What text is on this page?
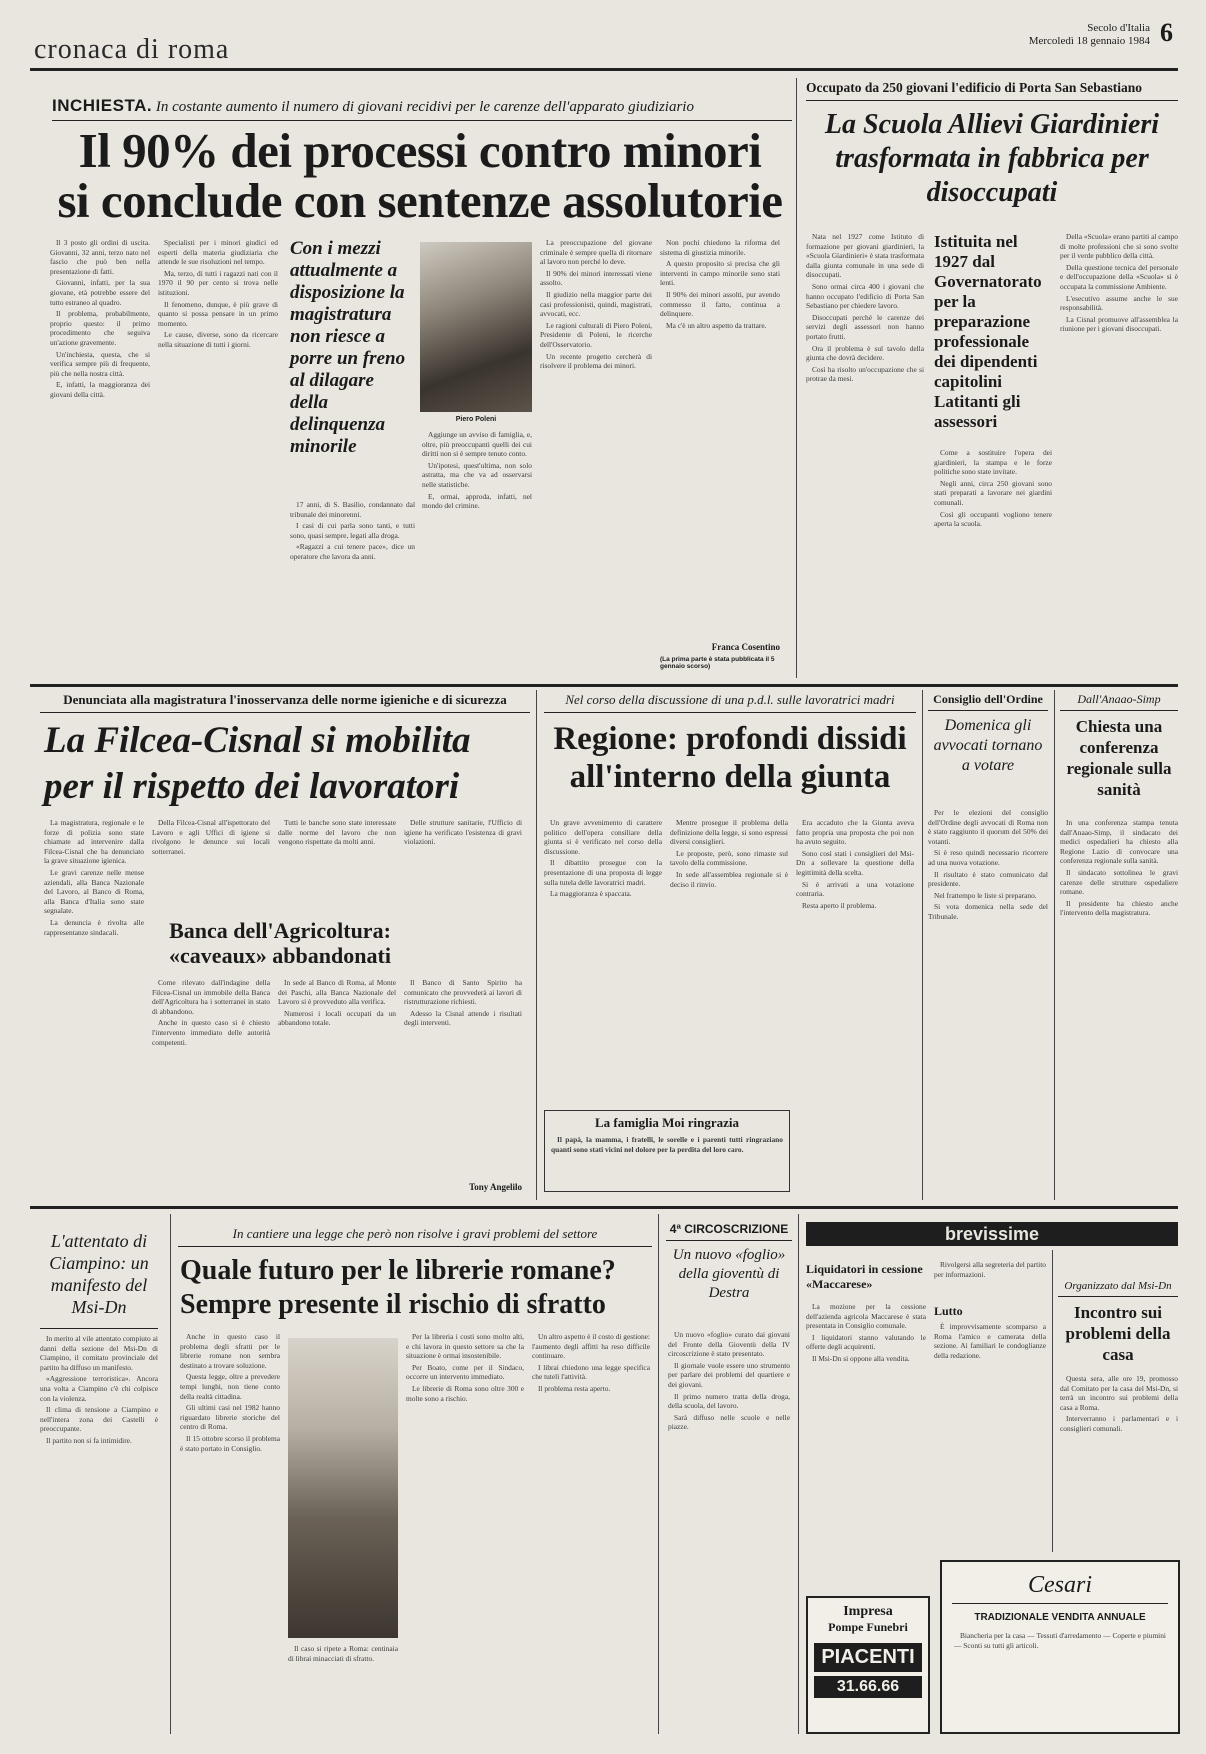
cronaca di roma
Secolo d'Italia
Mercoledì 18 gennaio 1984 6
INCHIESTA. In costante aumento il numero di giovani recidivi per le carenze dell'apparato giudiziario
Il 90% dei processi contro minori
si conclude con sentenze assolutorie

Il 3 posto gli ordini di uscita. Giovanni, 32 anni, terzo nato nel fascio che può ben nella presentazione di fatti.

Giovanni, infatti, per la sua giovane, età potrebbe essere del tutto estraneo al quadro.

Il problema, probabilmente, proprio questo: il primo procedimento che seguiva un'azione gravemente.

Un'inchiesta, questa, che si verifica sempre più di frequente, più che nella nostra città.

E, infatti, la maggioranza dei giovani della città.

Specialisti per i minori giudici ed esperti della materia giudiziaria che attende le sue risoluzioni nel tempo.

Ma, terzo, di tutti i ragazzi nati con il 1970 il 90 per cento si trova nelle istituzioni.

Il fenomeno, dunque, è più grave di quanto si possa pensare in un primo momento.

Le cause, diverse, sono da ricercare nella situazione di tutti i giorni.

Con i mezzi attualmente a disposizione la magistratura non riesce a porre un freno al dilagare della delinquenza minorile

17 anni, di S. Basilio, condannato dal tribunale dei minorenni.

I casi di cui parla sono tanti, e tutti sono, quasi sempre, legati alla droga.

«Ragazzi a cui tenere pace», dice un operatore che lavora da anni.

Piero Poleni

Aggiunge un avviso di famiglia, e, oltre, più preoccupanti quelli dei cui diritti non si è sempre tenuto conto.

Un'ipotesi, quest'ultima, non solo astratta, ma che va ad osservarsi nelle statistiche.

E, ormai, approda, infatti, nel mondo del crimine.

La preoccupazione del giovane criminale è sempre quella di ritornare al lavoro non perché lo deve.

Il 90% dei minori interessati viene assolto.

Il giudizio nella maggior parte dei casi professionisti, quindi, magistrati, avvocati, ecc.

Le ragioni culturali di Piero Poleni, Presidente di Poleni, le ricerche dell'Osservatorio.

Un recente progetto cercherà di risolvere il problema dei minori.

Non pochi chiedono la riforma del sistema di giustizia minorile.

A questo proposito si precisa che gli interventi in campo minorile sono stati lenti.

Il 90% dei minori assolti, pur avendo commesso il fatto, continua a delinquere.

Ma c'è un altro aspetto da trattare.

Franca Cosentino
(La prima parte è stata pubblicata il 5 gennaio scorso)
Occupato da 250 giovani l'edificio di Porta San Sebastiano
La Scuola Allievi Giardinieri trasformata in fabbrica per disoccupati

Nata nel 1927 come Istituto di formazione per giovani giardinieri, la «Scuola Giardinieri» è stata trasformata dalla giunta comunale in una sede di disoccupati.

Sono ormai circa 400 i giovani che hanno occupato l'edificio di Porta San Sebastiano per chiedere lavoro.

Disoccupati perché le carenze dei servizi degli assessori non hanno portato frutti.

Ora il problema è sul tavolo della giunta che dovrà decidere.

Così ha risolto un'occupazione che si protrae da mesi.

Istituita nel 1927 dal Governatorato per la preparazione professionale dei dipendenti capitolini Latitanti gli assessori

Come a sostituire l'opera dei giardinieri, la stampa e le forze politiche sono state invitate.

Negli anni, circa 250 giovani sono stati preparati a lavorare nei giardini comunali.

Così gli occupanti vogliono tenere aperta la scuola.

Della «Scuola» erano partiti al campo di molte professioni che si sono svolte per il verde pubblico della città.

Della questione tecnica del personale e dell'occupazione della «Scuola» si è occupata la commissione Ambiente.

L'esecutivo assume anche le sue responsabilità.

La Cisnal promuove all'assemblea la riunione per i giovani disoccupati.

Denunciata alla magistratura l'inosservanza delle norme igieniche e di sicurezza
La Filcea-Cisnal si mobilita
per il rispetto dei lavoratori

La magistratura, regionale e le forze di polizia sono state chiamate ad intervenire dalla Filcea-Cisnal che ha denunciato la grave situazione igienica.

Le gravi carenze nelle mense aziendali, alla Banca Nazionale del Lavoro, al Banco di Roma, alla Banca d'Italia sono state segnalate.

La denuncia è rivolta alle rappresentanze sindacali.

Della Filcea-Cisnal all'ispettorato del Lavoro e agli Uffici di igiene si rivolgono le denunce sui locali sotterranei.

Tutti le banche sono state interessate dalle norme del lavoro che non vengono rispettate da molti anni.

Delle strutture sanitarie, l'Ufficio di igiene ha verificato l'esistenza di gravi violazioni.

Banca dell'Agricoltura: «caveaux» abbandonati

Come rilevato dall'indagine della Filcea-Cisnal un immobile della Banca dell'Agricoltura ha i sotterranei in stato di abbandono.

Anche in questo caso si è chiesto l'intervento immediato delle autorità competenti.

In sede al Banco di Roma, al Monte dei Paschi, alla Banca Nazionale del Lavoro si è provveduto alla verifica.

Numerosi i locali occupati da un abbandono totale.

Il Banco di Santo Spirito ha comunicato che provvederà ai lavori di ristrutturazione richiesti.

Adesso la Cisnal attende i risultati degli interventi.

Tony Angelilo
Nel corso della discussione di una p.d.l. sulle lavoratrici madri
Regione: profondi dissidi all'interno della giunta

Un grave avvenimento di carattere politico dell'opera consiliare della giunta si è verificato nel corso della discussione.

Il dibattito prosegue con la presentazione di una proposta di legge sulla tutela delle lavoratrici madri.

La maggioranza è spaccata.

Mentre prosegue il problema della definizione della legge, si sono espressi diversi consiglieri.

Le proposte, però, sono rimaste sul tavolo della commissione.

In sede all'assemblea regionale si è deciso il rinvio.

Era accaduto che la Giunta aveva fatto propria una proposta che poi non ha avuto seguito.

Sono così stati i consiglieri del Msi-Dn a sollevare la questione della legittimità della scelta.

Si è arrivati a una votazione contraria.

Resta aperto il problema.

La famiglia Moi ringrazia

Il papà, la mamma, i fratelli, le sorelle e i parenti tutti ringraziano quanti sono stati vicini nel dolore per la perdita del loro caro.

Consiglio dell'Ordine
Domenica gli avvocati tornano a votare

Per le elezioni del consiglio dell'Ordine degli avvocati di Roma non è stato raggiunto il quorum del 50% dei votanti.

Si è reso quindi necessario ricorrere ad una nuova votazione.

Il risultato è stato comunicato dal presidente.

Nel frattempo le liste si preparano.

Si vota domenica nella sede del Tribunale.

Dall'Anaao-Simp
Chiesta una conferenza regionale sulla sanità

In una conferenza stampa tenuta dall'Anaao-Simp, il sindacato dei medici ospedalieri ha chiesto alla Regione Lazio di convocare una conferenza regionale sulla sanità.

Il sindacato sottolinea le gravi carenze delle strutture ospedaliere romane.

Il presidente ha chiesto anche l'intervento della magistratura.

L'attentato di Ciampino: un manifesto del Msi-Dn

In merito al vile attentato compiuto ai danni della sezione del Msi-Dn di Ciampino, il comitato provinciale del partito ha diffuso un manifesto.

«Aggressione terroristica». Ancora una volta a Ciampino c'è chi colpisce con la violenza.

Il clima di tensione a Ciampino e nell'intera zona dei Castelli è preoccupante.

Il partito non si fa intimidire.

In cantiere una legge che però non risolve i gravi problemi del settore
Quale futuro per le librerie romane?
Sempre presente il rischio di sfratto

Anche in questo caso il problema degli sfratti per le librerie romane non sembra destinato a trovare soluzione.

Questa legge, oltre a prevedere tempi lunghi, non tiene conto della realtà cittadina.

Gli ultimi casi nel 1982 hanno riguardato librerie storiche del centro di Roma.

Il 15 ottobre scorso il problema è stato portato in Consiglio.

Il caso si ripete a Roma: centinaia di librai minacciati di sfratto.

Per la libreria i costi sono molto alti, e chi lavora in questo settore sa che la situazione è ormai insostenibile.

Per Boato, come per il Sindaco, occorre un intervento immediato.

Le librerie di Roma sono oltre 300 e molte sono a rischio.

Un altro aspetto è il costo di gestione: l'aumento degli affitti ha reso difficile continuare.

I librai chiedono una legge specifica che tuteli l'attività.

Il problema resta aperto.

4ª CIRCOSCRIZIONE
Un nuovo «foglio» della gioventù di Destra

Un nuovo «foglio» curato dai giovani del Fronte della Gioventù della IV circoscrizione è stato presentato.

Il giornale vuole essere uno strumento per parlare dei problemi del quartiere e dei giovani.

Il primo numero tratta della droga, della scuola, del lavoro.

Sarà diffuso nelle scuole e nelle piazze.

brevissime
Liquidatori in cessione «Maccarese»

La mozione per la cessione dell'azienda agricola Maccarese è stata presentata in Consiglio comunale.

I liquidatori stanno valutando le offerte degli acquirenti.

Il Msi-Dn si oppone alla vendita.

Lutto

È improvvisamente scomparso a Roma l'amico e camerata della sezione. Ai familiari le condoglianze della redazione.

Rivolgersi alla segreteria del partito per informazioni.

Organizzato dal Msi-Dn
Incontro sui problemi della casa

Questa sera, alle ore 19, promosso dal Comitato per la casa del Msi-Dn, si terrà un incontro sui problemi della casa a Roma.

Interverranno i parlamentari e i consiglieri comunali.

Impresa
Pompe Funebri
PIACENTI
31.66.66
Cesari
TRADIZIONALE VENDITA ANNUALE

Biancheria per la casa — Tessuti d'arredamento — Coperte e piumini — Sconti su tutti gli articoli.
